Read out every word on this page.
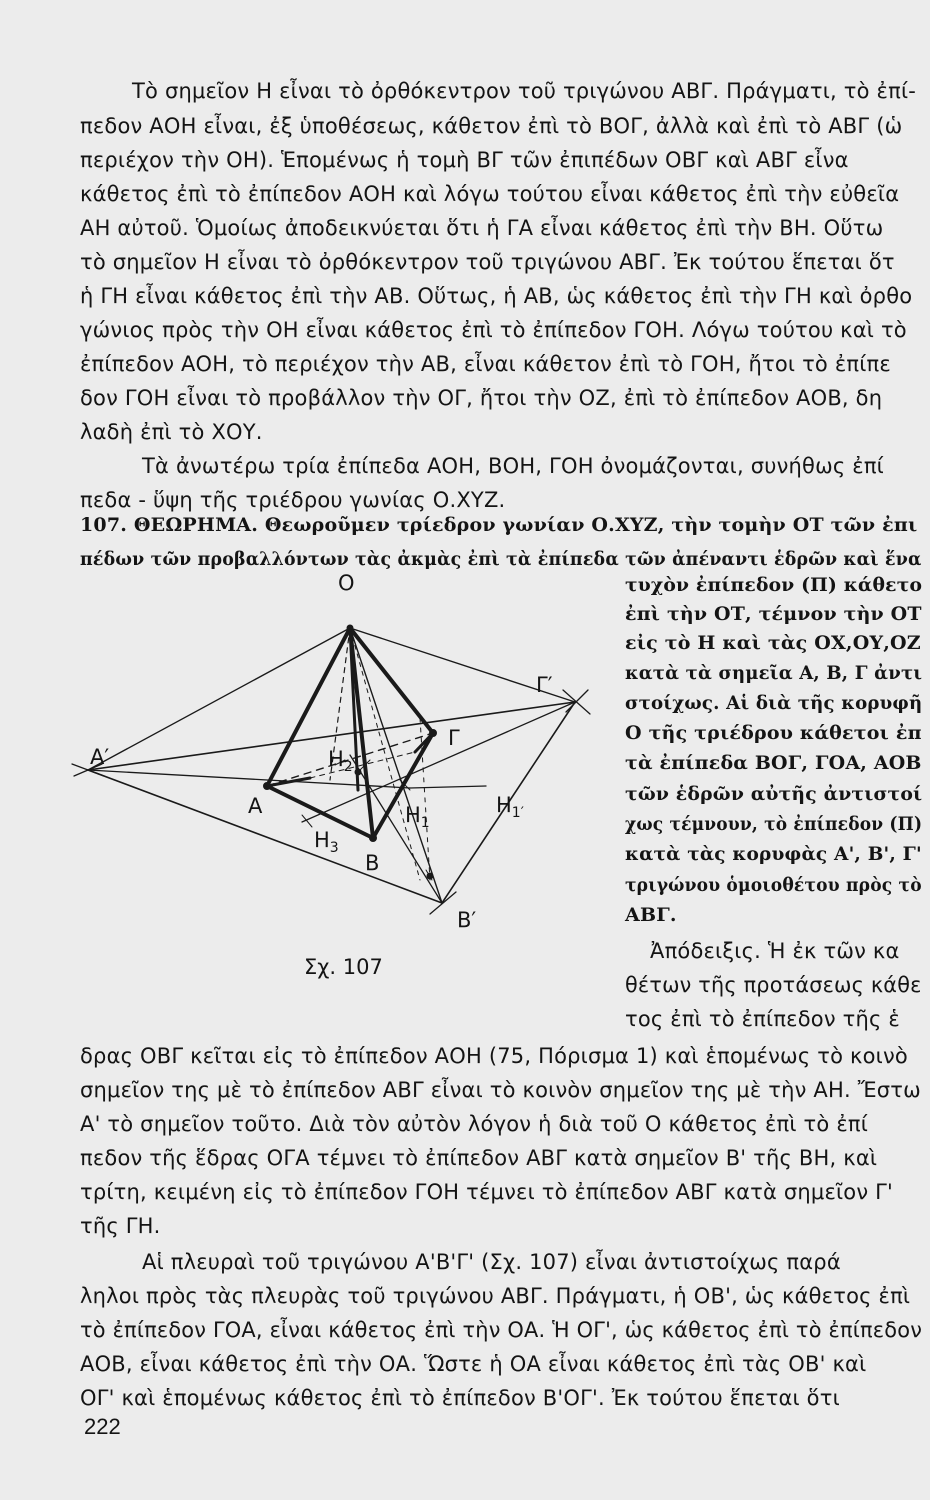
Τὸ σημεῖον Η εἶναι τὸ ὀρθόκεντρον τοῦ τριγώνου ΑΒΓ. Πράγματι, τὸ ἐπί-
πεδον ΑΟΗ εἶναι, ἐξ ὑποθέσεως, κάθετον ἐπὶ τὸ ΒΟΓ, ἀλλὰ καὶ ἐπὶ τὸ ΑΒΓ (ὡ
περιέχον τὴν ΟΗ). Ἑπομένως ἡ τομὴ ΒΓ τῶν ἐπιπέδων ΟΒΓ καὶ ΑΒΓ εἶνα
κάθετος ἐπὶ τὸ ἐπίπεδον ΑΟΗ καὶ λόγω τούτου εἶναι κάθετος ἐπὶ τὴν εὐθεῖα
ΑΗ αὐτοῦ. Ὁμοίως ἀποδεικνύεται ὅτι ἡ ΓΑ εἶναι κάθετος ἐπὶ τὴν ΒΗ. Οὕτω
τὸ σημεῖον Η εἶναι τὸ ὀρθόκεντρον τοῦ τριγώνου ΑΒΓ. Ἐκ τούτου ἕπεται ὅτ
ἡ ΓΗ εἶναι κάθετος ἐπὶ τὴν ΑΒ. Οὕτως, ἡ ΑΒ, ὡς κάθετος ἐπὶ τὴν ΓΗ καὶ ὀρθο
γώνιος πρὸς τὴν ΟΗ εἶναι κάθετος ἐπὶ τὸ ἐπίπεδον ΓΟΗ. Λόγω τούτου καὶ τὸ
ἐπίπεδον ΑΟΗ, τὸ περιέχον τὴν ΑΒ, εἶναι κάθετον ἐπὶ τὸ ΓΟΗ, ἤτοι τὸ ἐπίπε
δον ΓΟΗ εἶναι τὸ προβάλλον τὴν ΟΓ, ἤτοι τὴν ΟΖ, ἐπὶ τὸ ἐπίπεδον ΑΟΒ, δη
λαδὴ ἐπὶ τὸ ΧΟΥ.
Τὰ ἀνωτέρω τρία ἐπίπεδα ΑΟΗ, ΒΟΗ, ΓΟΗ ὀνομάζονται, συνήθως ἐπί
πεδα - ὕψη τῆς τριέδρου γωνίας Ο.ΧΥΖ.
107. ΘΕΩΡΗΜΑ. Θεωροῦμεν τρίεδρον γωνίαν Ο.ΧΥΖ, τὴν τομὴν ΟΤ τῶν ἐπι
πέδων τῶν προβαλλόντων τὰς ἀκμὰς ἐπὶ τὰ ἐπίπεδα τῶν ἀπέναντι ἑδρῶν καὶ ἕνα
τυχὸν ἐπίπεδον (Π) κάθετο
ἐπὶ τὴν ΟΤ, τέμνον τὴν ΟΤ
εἰς τὸ Η καὶ τὰς ΟΧ,ΟΥ,ΟΖ
κατὰ τὰ σημεῖα Α, Β, Γ ἀντι
στοίχως. Αἱ διὰ τῆς κορυφῆ
Ο τῆς τριέδρου κάθετοι ἐπ
τὰ ἐπίπεδα ΒΟΓ, ΓΟΑ, ΑΟΒ
τῶν ἑδρῶν αὐτῆς ἀντιστοί
χως τέμνουν, τὸ ἐπίπεδον (Π)
κατὰ τὰς κορυφὰς Α', Β', Γ'
τριγώνου ὁμοιοθέτου πρὸς τὸ
ΑΒΓ.
Ἀπόδειξις. Ἡ ἐκ τῶν κα
θέτων τῆς προτάσεως κάθε
τος ἐπὶ τὸ ἐπίπεδον τῆς ἑ
δρας ΟΒΓ κεῖται εἰς τὸ ἐπίπεδον ΑΟΗ (75, Πόρισμα 1) καὶ ἑπομένως τὸ κοινὸ
σημεῖον της μὲ τὸ ἐπίπεδον ΑΒΓ εἶναι τὸ κοινὸν σημεῖον της μὲ τὴν ΑΗ. Ἔστω
Α' τὸ σημεῖον τοῦτο. Διὰ τὸν αὐτὸν λόγον ἡ διὰ τοῦ Ο κάθετος ἐπὶ τὸ ἐπί
πεδον τῆς ἕδρας ΟΓΑ τέμνει τὸ ἐπίπεδον ΑΒΓ κατὰ σημεῖον Β' τῆς ΒΗ, καὶ
τρίτη, κειμένη εἰς τὸ ἐπίπεδον ΓΟΗ τέμνει τὸ ἐπίπεδον ΑΒΓ κατὰ σημεῖον Γ'
τῆς ΓΗ.
Αἱ πλευραὶ τοῦ τριγώνου Α'Β'Γ' (Σχ. 107) εἶναι ἀντιστοίχως παρά
ληλοι πρὸς τὰς πλευρὰς τοῦ τριγώνου ΑΒΓ. Πράγματι, ἡ ΟΒ', ὡς κάθετος ἐπὶ
τὸ ἐπίπεδον ΓΟΑ, εἶναι κάθετος ἐπὶ τὴν ΟΑ. Ἡ ΟΓ', ὡς κάθετος ἐπὶ τὸ ἐπίπεδον
ΑΟΒ, εἶναι κάθετος ἐπὶ τὴν ΟΑ. Ὥστε ἡ ΟΑ εἶναι κάθετος ἐπὶ τὰς ΟΒ' καὶ
ΟΓ' καὶ ἑπομένως κάθετος ἐπὶ τὸ ἐπίπεδον Β'ΟΓ'. Ἐκ τούτου ἕπεται ὅτι
222
Ο
Α′
Γ′
Β′
Α
Β
Γ
$H_2$
$H_1$
$H_{1'}$
$H_3$
Σχ. 107
